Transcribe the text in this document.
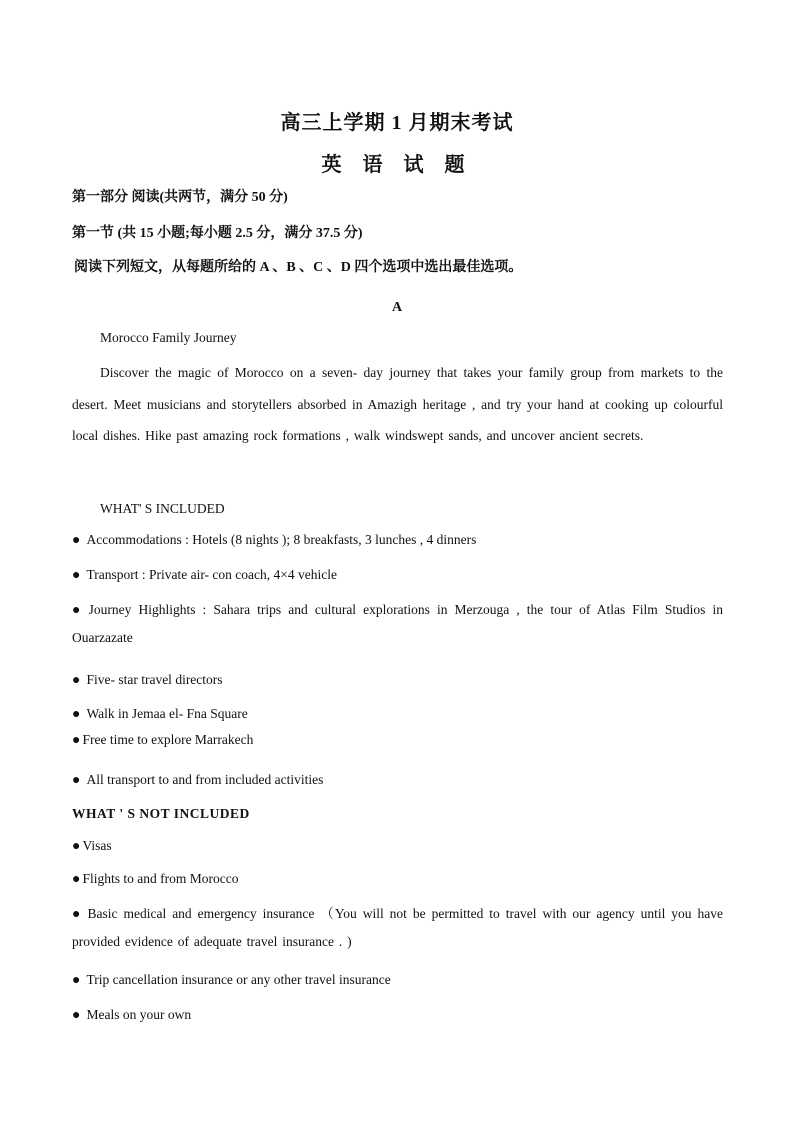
高三上学期 1 月期末考试
英 语 试 题
第一部分 阅读(共两节，满分 50 分)
第一节 (共 15 小题;每小题 2.5 分，满分 37.5 分)
阅读下列短文，从每题所给的 A 、B 、C 、D 四个选项中选出最佳选项。
A
Morocco Family Journey
Discover the magic of Morocco on a seven- day journey that takes your family group from markets to the desert. Meet musicians and storytellers absorbed in Amazigh heritage , and try your hand at cooking up colourful local dishes. Hike past amazing rock formations , walk windswept sands, and uncover ancient secrets.
WHAT' S INCLUDED
● Accommodations : Hotels (8 nights ); 8 breakfasts, 3 lunches , 4 dinners
● Transport : Private air- con coach, 4×4 vehicle
● Journey Highlights : Sahara trips and cultural explorations in Merzouga , the tour of Atlas Film Studios in Ouarzazate
● Five- star travel directors
● Walk in Jemaa el- Fna Square
● Free time to explore Marrakech
● All transport to and from included activities
WHAT ' S NOT INCLUDED
● Visas
● Flights to and from Morocco
● Basic medical and emergency insurance （You will not be permitted to travel with our agency until you have provided evidence of adequate travel insurance . )
● Trip cancellation insurance or any other travel insurance
● Meals on your own
